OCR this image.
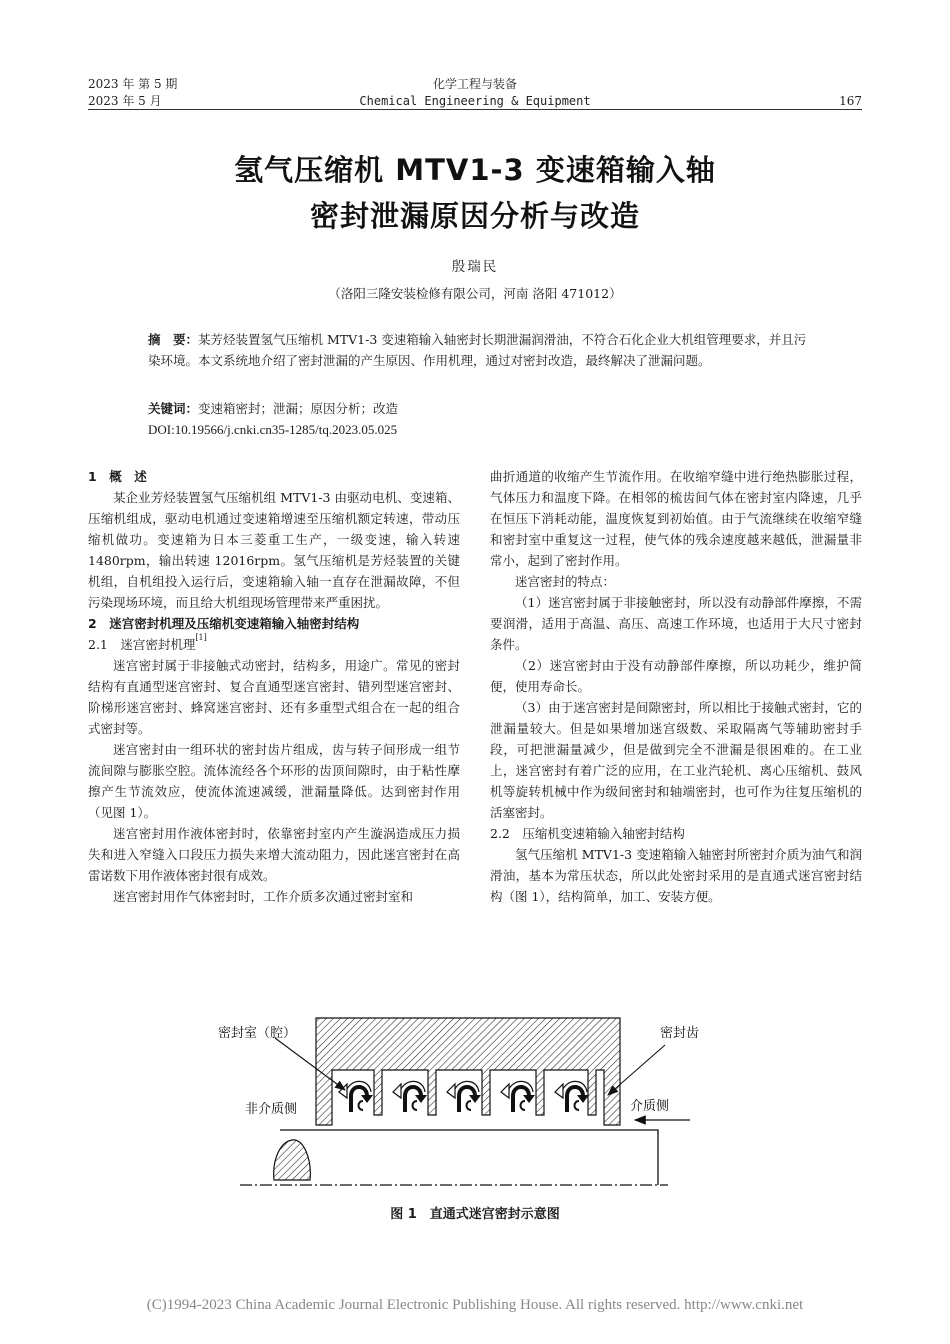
2023 年 第 5 期
2023 年 5 月
化学工程与装备
Chemical Engineering & Equipment	167
氢气压缩机 MTV1-3 变速箱输入轴
密封泄漏原因分析与改造
殷瑞民
（洛阳三隆安装检修有限公司，河南 洛阳 471012）
摘　要：某芳烃装置氢气压缩机 MTV1-3 变速箱输入轴密封长期泄漏润滑油，不符合石化企业大机组管理要求，并且污染环境。本文系统地介绍了密封泄漏的产生原因、作用机理，通过对密封改造，最终解决了泄漏问题。
关键词：变速箱密封；泄漏；原因分析；改造
DOI:10.19566/j.cnki.cn35-1285/tq.2023.05.025

1　概　述

某企业芳烃装置氢气压缩机组 MTV1-3 由驱动电机、变速箱、压缩机组成，驱动电机通过变速箱增速至压缩机额定转速，带动压缩机做功。变速箱为日本三菱重工生产，一级变速，输入转速 1480rpm，输出转速 12016rpm。氢气压缩机是芳烃装置的关键机组，自机组投入运行后，变速箱输入轴一直存在泄漏故障，不但污染现场环境，而且给大机组现场管理带来严重困扰。

2　迷宫密封机理及压缩机变速箱输入轴密封结构

2.1　迷宫密封机理[1]

迷宫密封属于非接触式动密封，结构多，用途广。常见的密封结构有直通型迷宫密封、复合直通型迷宫密封、错列型迷宫密封、阶梯形迷宫密封、蜂窝迷宫密封、还有多重型式组合在一起的组合式密封等。

迷宫密封由一组环状的密封齿片组成，齿与转子间形成一组节流间隙与膨胀空腔。流体流经各个环形的齿顶间隙时，由于粘性摩擦产生节流效应，使流体流速减缓，泄漏量降低。达到密封作用（见图 1）。

迷宫密封用作液体密封时，依靠密封室内产生漩涡造成压力损失和进入窄缝入口段压力损失来增大流动阻力，因此迷宫密封在高雷诺数下用作液体密封很有成效。

迷宫密封用作气体密封时，工作介质多次通过密封室和

曲折通道的收缩产生节流作用。在收缩窄缝中进行绝热膨胀过程，气体压力和温度下降。在相邻的梳齿间气体在密封室内降速，几乎在恒压下消耗动能，温度恢复到初始值。由于气流继续在收缩窄缝和密封室中重复这一过程，使气体的残余速度越来越低，泄漏量非常小，起到了密封作用。

迷宫密封的特点：

（1）迷宫密封属于非接触密封，所以没有动静部件摩擦，不需要润滑，适用于高温、高压、高速工作环境，也适用于大尺寸密封条件。

（2）迷宫密封由于没有动静部件摩擦，所以功耗少，维护简便，使用寿命长。

（3）由于迷宫密封是间隙密封，所以相比于接触式密封，它的泄漏量较大。但是如果增加迷宫级数、采取隔离气等辅助密封手段，可把泄漏量减少，但是做到完全不泄漏是很困难的。在工业上，迷宫密封有着广泛的应用，在工业汽轮机、离心压缩机、鼓风机等旋转机械中作为级间密封和轴端密封，也可作为往复压缩机的活塞密封。

2.2　压缩机变速箱输入轴密封结构

氢气压缩机 MTV1-3 变速箱输入轴密封所密封介质为油气和润滑油，基本为常压状态，所以此处密封采用的是直通式迷宫密封结构（图 1），结构简单，加工、安装方便。

密封室（腔）	密封齿
非介质侧	介质侧
图 1　直通式迷宫密封示意图
(C)1994-2023 China Academic Journal Electronic Publishing House. All rights reserved. http://www.cnki.net
